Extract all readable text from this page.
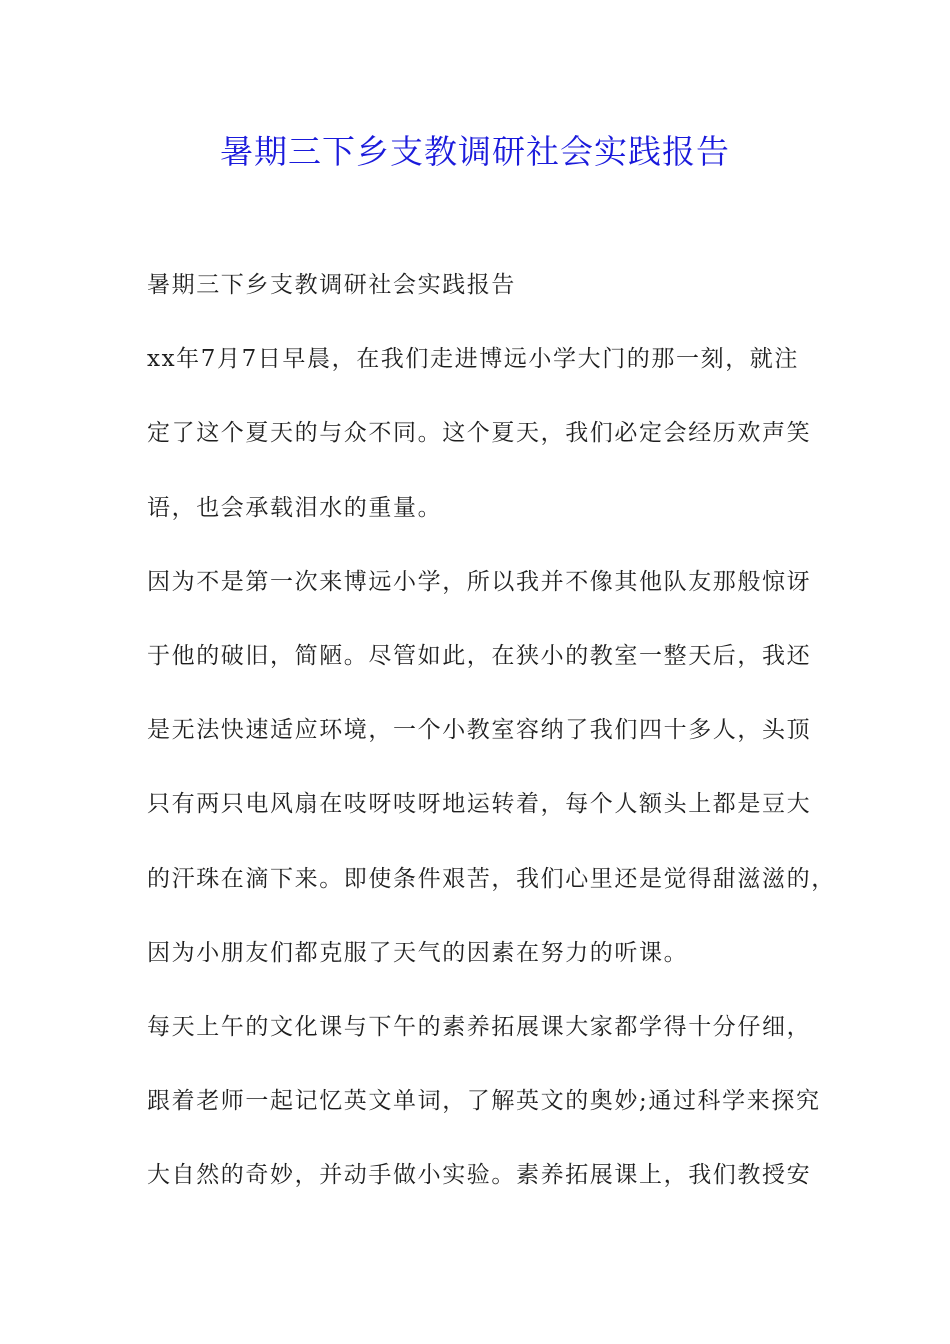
暑期三下乡支教调研社会实践报告
暑期三下乡支教调研社会实践报告
xx年7月7日早晨，在我们走进博远小学大门的那一刻，就注
定了这个夏天的与众不同。这个夏天，我们必定会经历欢声笑
语，也会承载泪水的重量。
因为不是第一次来博远小学，所以我并不像其他队友那般惊讶
于他的破旧，简陋。尽管如此，在狭小的教室一整天后，我还
是无法快速适应环境，一个小教室容纳了我们四十多人，头顶
只有两只电风扇在吱呀吱呀地运转着，每个人额头上都是豆大
的汗珠在滴下来。即使条件艰苦，我们心里还是觉得甜滋滋的，
因为小朋友们都克服了天气的因素在努力的听课。
每天上午的文化课与下午的素养拓展课大家都学得十分仔细，
跟着老师一起记忆英文单词，了解英文的奥妙;通过科学来探究
大自然的奇妙，并动手做小实验。素养拓展课上，我们教授安
